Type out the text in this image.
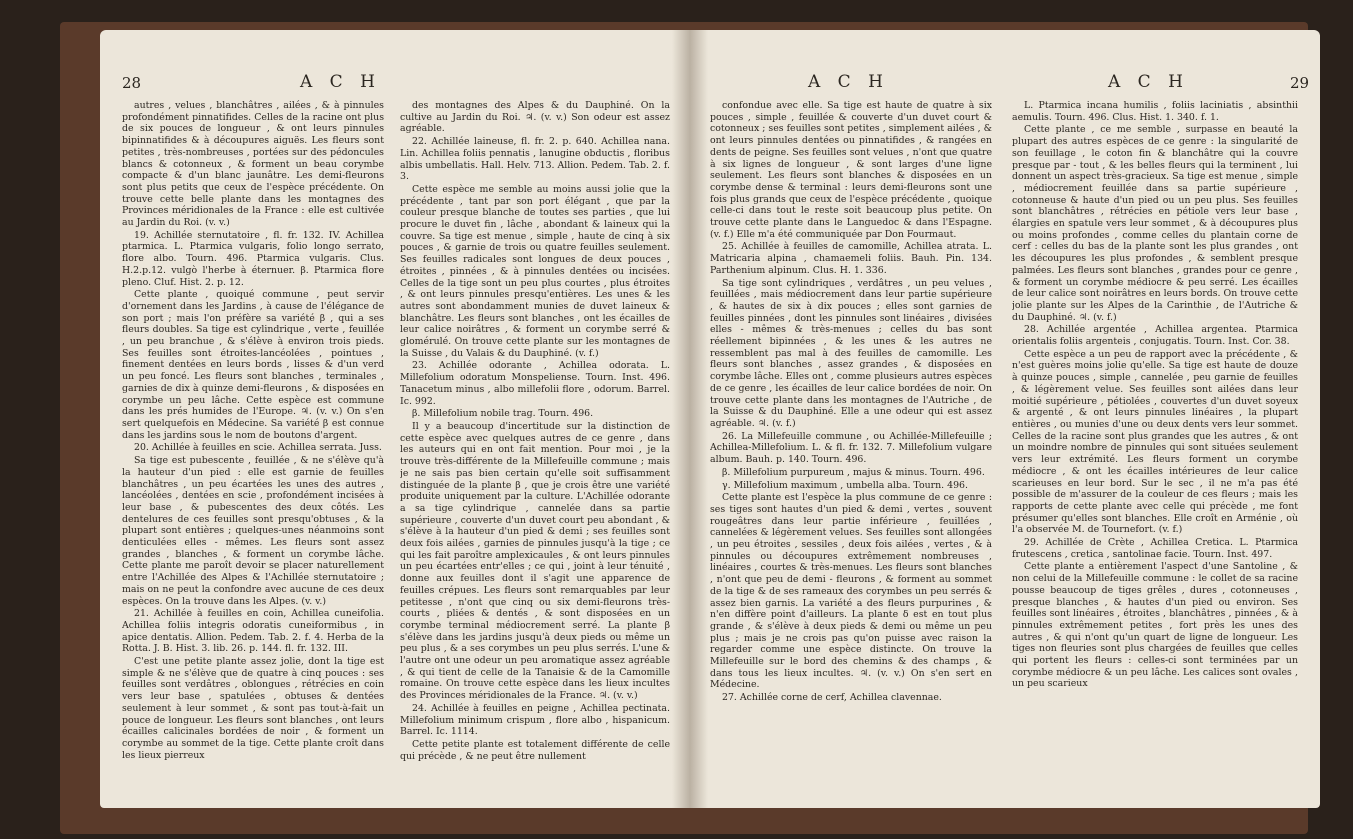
28	A C H

autres , velues , blanchâtres , ailées , & à pinnules profondément pinnatifides. Celles de la racine ont plus de six pouces de longueur , & ont leurs pinnules bipinnatifides & à découpures aiguës. Les fleurs sont petites , très-nombreuses , portées sur des pédoncules blancs & cotonneux , & forment un beau corymbe compacte & d'un blanc jaunâtre. Les demi-fleurons sont plus petits que ceux de l'espèce précédente. On trouve cette belle plante dans les montagnes des Provinces méridionales de la France : elle est cultivée au Jardin du Roi. (v. v.)

19. Achillée sternutatoire , fl. fr. 132. IV. Achillea ptarmica. L. Ptarmica vulgaris, folio longo serrato, flore albo. Tourn. 496. Ptarmica vulgaris. Clus. H.2.p.12. vulgò l'herbe à éternuer. β. Ptarmica flore pleno. Cluf. Hist. 2. p. 12.

Cette plante , quoiqué commune , peut servir d'ornement dans les Jardins , à cause de l'élégance de son port ; mais l'on préfère sa variété β , qui a ses fleurs doubles. Sa tige est cylindrique , verte , feuillée , un peu branchue , & s'élève à environ trois pieds. Ses feuilles sont étroites-lancéolées , pointues , finement dentées en leurs bords , lisses & d'un verd un peu foncé. Les fleurs sont blanches , terminales , garnies de dix à quinze demi-fleurons , & disposées en corymbe un peu lâche. Cette espèce est commune dans les prés humides de l'Europe. ♃. (v. v.) On s'en sert quelquefois en Médecine. Sa variété β est connue dans les jardins sous le nom de boutons d'argent.

20. Achillée à feuilles en scie. Achillea serrata. Juss.

Sa tige est pubescente , feuillée , & ne s'élève qu'à la hauteur d'un pied : elle est garnie de feuilles blanchâtres , un peu écartées les unes des autres , lancéolées , dentées en scie , profondément incisées à leur base , & pubescentes des deux côtés. Les dentelures de ces feuilles sont presqu'obtuses , & la plupart sont entières ; quelques-unes néanmoins sont denticulées elles - mêmes. Les fleurs sont assez grandes , blanches , & forment un corymbe lâche. Cette plante me paroît devoir se placer naturellement entre l'Achillée des Alpes & l'Achillée sternutatoire ; mais on ne peut la confondre avec aucune de ces deux espèces. On la trouve dans les Alpes. (v. v.)

21. Achillée à feuilles en coin, Achillea cuneifolia. Achillea foliis integris odoratis cuneiformibus , in apice dentatis. Allion. Pedem. Tab. 2. f. 4. Herba de la Rotta. J. B. Hist. 3. lib. 26. p. 144. fl. fr. 132. III.

C'est une petite plante assez jolie, dont la tige est simple & ne s'élève que de quatre à cinq pouces : ses feuilles sont verdâtres , oblongues , rétrécies en coin vers leur base , spatulées , obtuses & dentées seulement à leur sommet , & sont pas tout-à-fait un pouce de longueur. Les fleurs sont blanches , ont leurs écailles calicinales bordées de noir , & forment un corymbe au sommet de la tige. Cette plante croît dans les lieux pierreux

des montagnes des Alpes & du Dauphiné. On la cultive au Jardin du Roi. ♃. (v. v.) Son odeur est assez agréable.

22. Achillée laineuse, fl. fr. 2. p. 640. Achillea nana. Lin. Achillea foliis pennatis , lanugine obductis , floribus albis umbellatis. Hall. Helv. 713. Allion. Pedem. Tab. 2. f. 3.

Cette espèce me semble au moins aussi jolie que la précédente , tant par son port élégant , que par la couleur presque blanche de toutes ses parties , que lui procure le duvet fin , lâche , abondant & laineux qui la couvre. Sa tige est menue , simple , haute de cinq à six pouces , & garnie de trois ou quatre feuilles seulement. Ses feuilles radicales sont longues de deux pouces , étroites , pinnées , & à pinnules dentées ou incisées. Celles de la tige sont un peu plus courtes , plus étroites , & ont leurs pinnules presqu'entières. Les unes & les autres sont abondamment munies de duvet laineux & blanchâtre. Les fleurs sont blanches , ont les écailles de leur calice noirâtres , & forment un corymbe serré & glomérulé. On trouve cette plante sur les montagnes de la Suisse , du Valais & du Dauphiné. (v. f.)

23. Achillée odorante , Achillea odorata. L. Millefolium odoratum Monspeliense. Tourn. Inst. 496. Tanacetum minus , albo millefolii flore , odorum. Barrel. Ic. 992.

β. Millefolium nobile trag. Tourn. 496.

Il y a beaucoup d'incertitude sur la distinction de cette espèce avec quelques autres de ce genre , dans les auteurs qui en ont fait mention. Pour moi , je la trouve très-différente de la Millefeuille commune ; mais je ne sais pas bien certain qu'elle soit suffisamment distinguée de la plante β , que je crois être une variété produite uniquement par la culture. L'Achillée odorante a sa tige cylindrique , cannelée dans sa partie supérieure , couverte d'un duvet court peu abondant , & s'élève à la hauteur d'un pied & demi ; ses feuilles sont deux fois ailées , garnies de pinnules jusqu'à la tige ; ce qui les fait paroître amplexicaules , & ont leurs pinnules un peu écartées entr'elles ; ce qui , joint à leur ténuité , donne aux feuilles dont il s'agit une apparence de feuilles crépues. Les fleurs sont remarquables par leur petitesse , n'ont que cinq ou six demi-fleurons très-courts , pliées & dentés , & sont disposées en un corymbe terminal médiocrement serré. La plante β s'élève dans les jardins jusqu'à deux pieds ou même un peu plus , & a ses corymbes un peu plus serrés. L'une & l'autre ont une odeur un peu aromatique assez agréable , & qui tient de celle de la Tanaisie & de la Camomille romaine. On trouve cette espèce dans les lieux incultes des Provinces méridionales de la France. ♃. (v. v.)

24. Achillée à feuilles en peigne , Achillea pectinata. Millefolium minimum crispum , flore albo , hispanicum. Barrel. Ic. 1114.

Cette petite plante est totalement différente de celle qui précède , & ne peut être nullement

A C H	A C H	29

confondue avec elle. Sa tige est haute de quatre à six pouces , simple , feuillée & couverte d'un duvet court & cotonneux ; ses feuilles sont petites , simplement ailées , & ont leurs pinnules dentées ou pinnatifides , & rangées en dents de peigne. Ses feuilles sont velues , n'ont que quatre à six lignes de longueur , & sont larges d'une ligne seulement. Les fleurs sont blanches & disposées en un corymbe dense & terminal : leurs demi-fleurons sont une fois plus grands que ceux de l'espèce précédente , quoique celle-ci dans tout le reste soit beaucoup plus petite. On trouve cette plante dans le Languedoc & dans l'Espagne. (v. f.) Elle m'a été communiquée par Don Fourmaut.

25. Achillée à feuilles de camomille, Achillea atrata. L. Matricaria alpina , chamaemeli foliis. Bauh. Pin. 134. Parthenium alpinum. Clus. H. 1. 336.

Sa tige sont cylindriques , verdâtres , un peu velues , feuillées , mais médiocrement dans leur partie supérieure , & hautes de six à dix pouces ; elles sont garnies de feuilles pinnées , dont les pinnules sont linéaires , divisées elles - mêmes & très-menues ; celles du bas sont réellement bipinnées , & les unes & les autres ne ressemblent pas mal à des feuilles de camomille. Les fleurs sont blanches , assez grandes , & disposées en corymbe lâche. Elles ont , comme plusieurs autres espèces de ce genre , les écailles de leur calice bordées de noir. On trouve cette plante dans les montagnes de l'Autriche , de la Suisse & du Dauphiné. Elle a une odeur qui est assez agréable. ♃. (v. f.)

26. La Millefeuille commune , ou Achillée-Millefeuille ; Achillea-Millefolium. L. & fl. fr. 132. 7. Millefolium vulgare album. Bauh. p. 140. Tourn. 496.

β. Millefolium purpureum , majus & minus. Tourn. 496.

γ. Millefolium maximum , umbella alba. Tourn. 496.

Cette plante est l'espèce la plus commune de ce genre : ses tiges sont hautes d'un pied & demi , vertes , souvent rougeâtres dans leur partie inférieure , feuillées , cannelées & légèrement velues. Ses feuilles sont allongées , un peu étroites , sessiles , deux fois ailées , vertes , & à pinnules ou découpures extrêmement nombreuses , linéaires , courtes & très-menues. Les fleurs sont blanches , n'ont que peu de demi - fleurons , & forment au sommet de la tige & de ses rameaux des corymbes un peu serrés & assez bien garnis. La variété a des fleurs purpurines , & n'en diffère point d'ailleurs. La plante δ est en tout plus grande , & s'élève à deux pieds & demi ou même un peu plus ; mais je ne crois pas qu'on puisse avec raison la regarder comme une espèce distincte. On trouve la Millefeuille sur le bord des chemins & des champs , & dans tous les lieux incultes. ♃. (v. v.) On s'en sert en Médecine.

27. Achillée corne de cerf, Achillea clavennae.

L. Ptarmica incana humilis , foliis laciniatis , absinthii aemulis. Tourn. 496. Clus. Hist. 1. 340. f. 1.

Cette plante , ce me semble , surpasse en beauté la plupart des autres espèces de ce genre : la singularité de son feuillage , le coton fin & blanchâtre qui la couvre presque par - tout , & les belles fleurs qui la terminent , lui donnent un aspect très-gracieux. Sa tige est menue , simple , médiocrement feuillée dans sa partie supérieure , cotonneuse & haute d'un pied ou un peu plus. Ses feuilles sont blanchâtres , rétrécies en pétiole vers leur base , élargies en spatule vers leur sommet , & à découpures plus ou moins profondes , comme celles du plantain corne de cerf : celles du bas de la plante sont les plus grandes , ont les découpures les plus profondes , & semblent presque palmées. Les fleurs sont blanches , grandes pour ce genre , & forment un corymbe médiocre & peu serré. Les écailles de leur calice sont noirâtres en leurs bords. On trouve cette jolie plante sur les Alpes de la Carinthie , de l'Autriche & du Dauphiné. ♃. (v. f.)

28. Achillée argentée , Achillea argentea. Ptarmica orientalis foliis argenteis , conjugatis. Tourn. Inst. Cor. 38.

Cette espèce a un peu de rapport avec la précédente , & n'est guères moins jolie qu'elle. Sa tige est haute de douze à quinze pouces , simple , cannelée , peu garnie de feuilles , & légèrement velue. Ses feuilles sont ailées dans leur moitié supérieure , pétiolées , couvertes d'un duvet soyeux & argenté , & ont leurs pinnules linéaires , la plupart entières , ou munies d'une ou deux dents vers leur sommet. Celles de la racine sont plus grandes que les autres , & ont un moindre nombre de pinnules qui sont situées seulement vers leur extrémité. Les fleurs forment un corymbe médiocre , & ont les écailles intérieures de leur calice scarieuses en leur bord. Sur le sec , il ne m'a pas été possible de m'assurer de la couleur de ces fleurs ; mais les rapports de cette plante avec celle qui précède , me font présumer qu'elles sont blanches. Elle croît en Arménie , où l'a observée M. de Tournefort. (v. f.)

29. Achillée de Crète , Achillea Cretica. L. Ptarmica frutescens , cretica , santolinae facie. Tourn. Inst. 497.

Cette plante a entièrement l'aspect d'une Santoline , & non celui de la Millefeuille commune : le collet de sa racine pousse beaucoup de tiges grêles , dures , cotonneuses , presque blanches , & hautes d'un pied ou environ. Ses feuilles sont linéaires , étroites , blanchâtres , pinnées , & à pinnules extrêmement petites , fort près les unes des autres , & qui n'ont qu'un quart de ligne de longueur. Les tiges non fleuries sont plus chargées de feuilles que celles qui portent les fleurs : celles-ci sont terminées par un corymbe médiocre & un peu lâche. Les calices sont ovales , un peu scarieux
